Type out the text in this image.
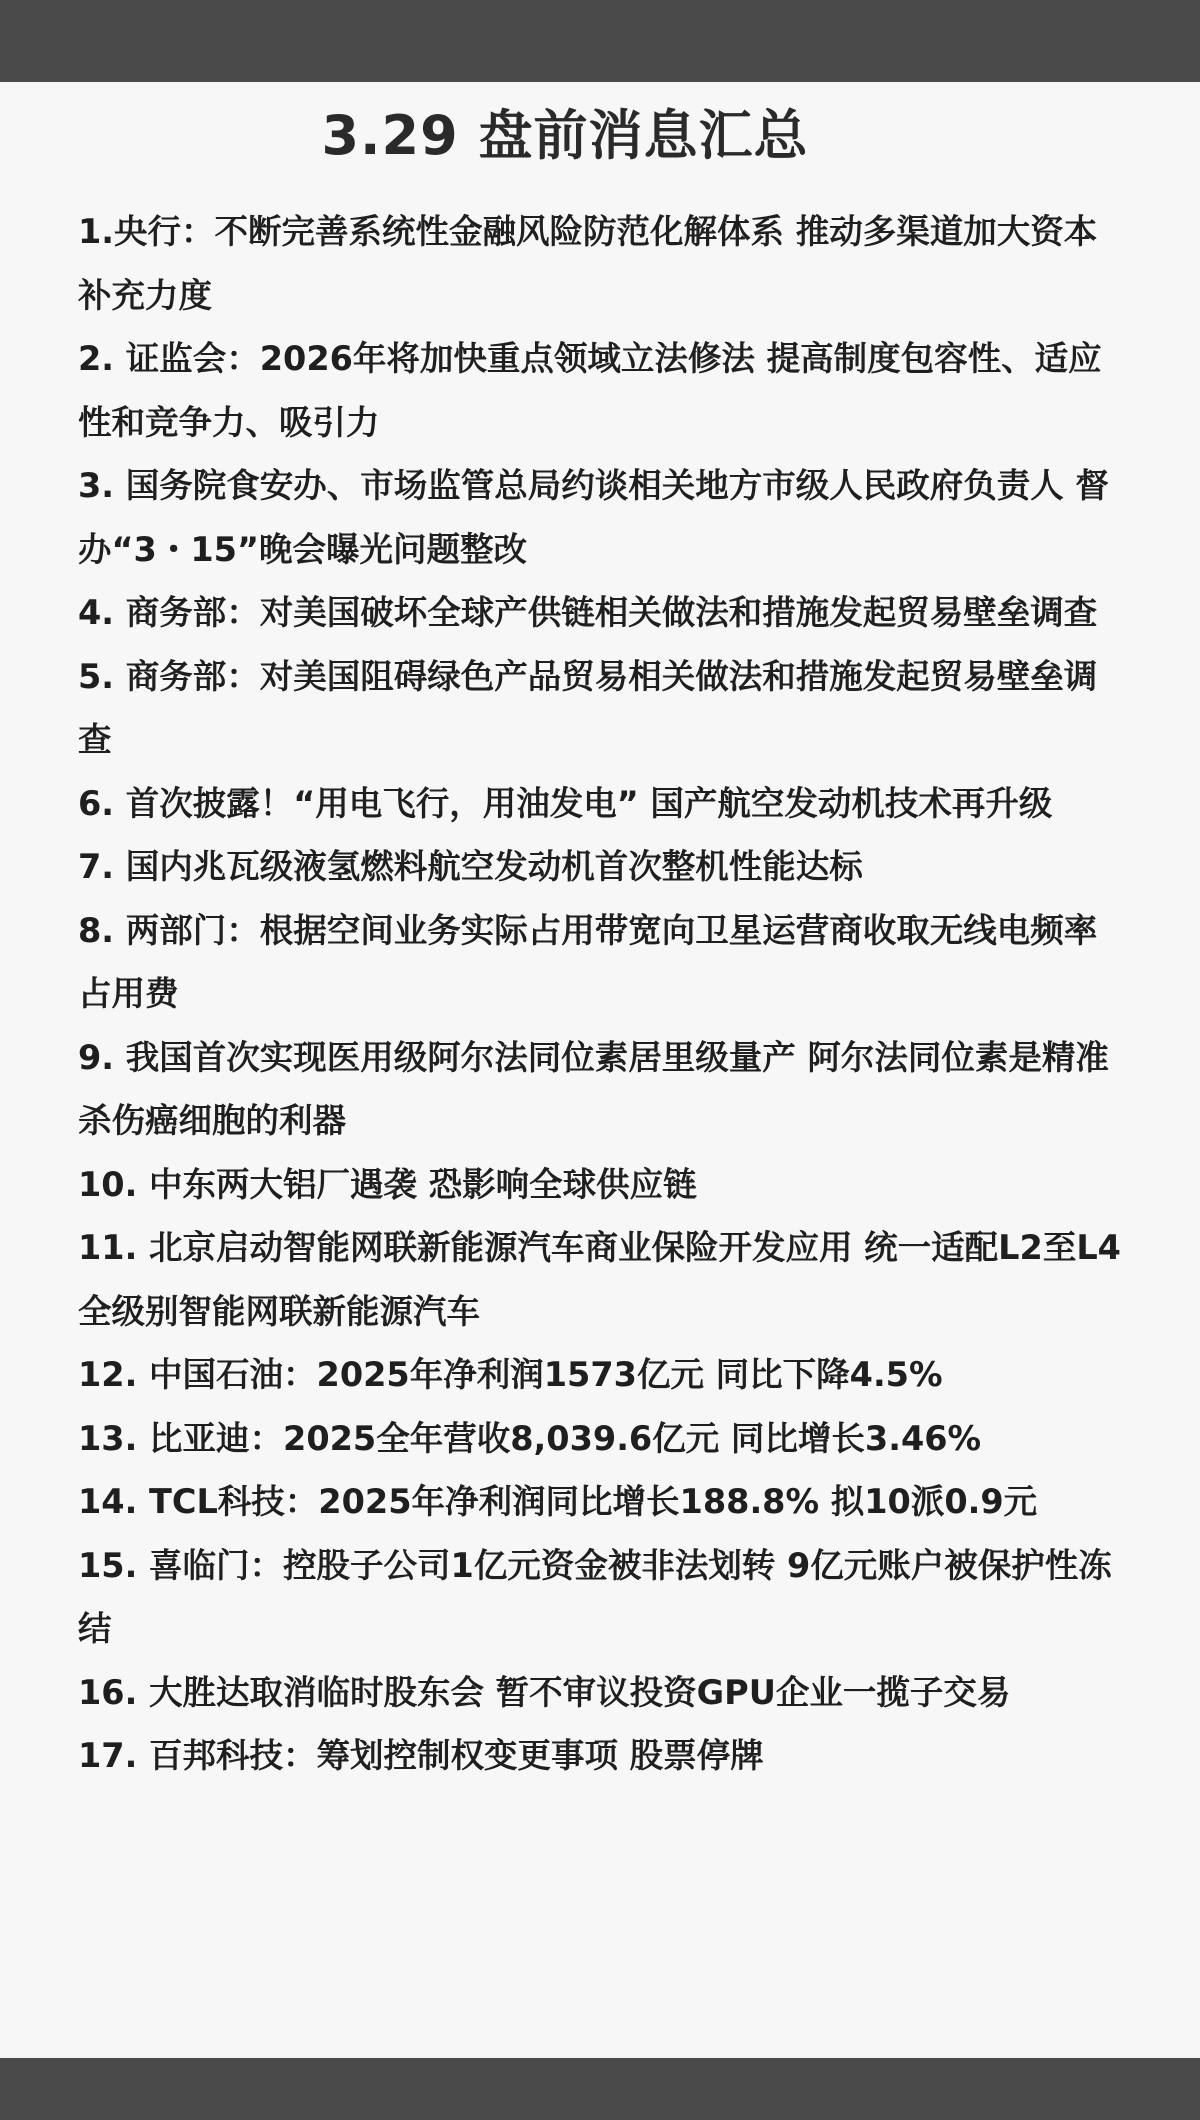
3.29 盘前消息汇总
1.央行：不断完善系统性金融风险防范化解体系 推动多渠道加大资本补充力度
2. 证监会：2026年将加快重点领域立法修法 提高制度包容性、适应性和竞争力、吸引力
3. 国务院食安办、市场监管总局约谈相关地方市级人民政府负责人 督办“3・15”晚会曝光问题整改
4. 商务部：对美国破坏全球产供链相关做法和措施发起贸易壁垒调查
5. 商务部：对美国阻碍绿色产品贸易相关做法和措施发起贸易壁垒调查
6. 首次披露！“用电飞行，用油发电” 国产航空发动机技术再升级
7. 国内兆瓦级液氢燃料航空发动机首次整机性能达标
8. 两部门：根据空间业务实际占用带宽向卫星运营商收取无线电频率占用费
9. 我国首次实现医用级阿尔法同位素居里级量产 阿尔法同位素是精准杀伤癌细胞的利器
10. 中东两大铝厂遇袭 恐影响全球供应链
11. 北京启动智能网联新能源汽车商业保险开发应用 统一适配L2至L4全级别智能网联新能源汽车
12. 中国石油：2025年净利润1573亿元 同比下降4.5%
13. 比亚迪：2025全年营收8,039.6亿元 同比增长3.46%
14. TCL科技：2025年净利润同比增长188.8% 拟10派0.9元
15. 喜临门：控股子公司1亿元资金被非法划转 9亿元账户被保护性冻结
16. 大胜达取消临时股东会 暂不审议投资GPU企业一揽子交易
17. 百邦科技：筹划控制权变更事项 股票停牌
